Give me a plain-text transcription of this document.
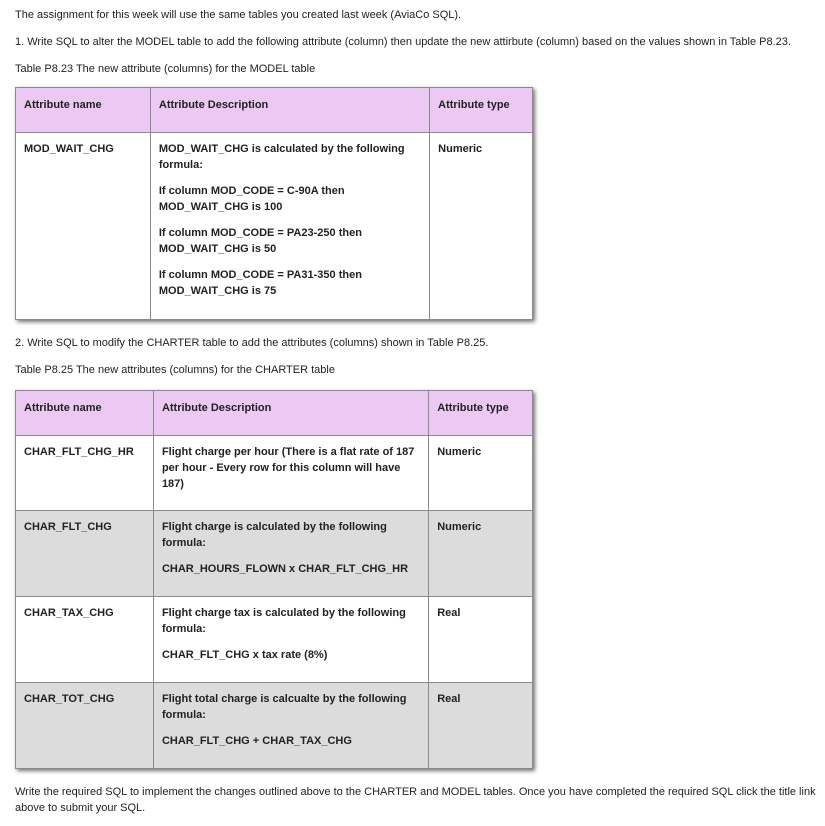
The assignment for this week will use the same tables you created last week (AviaCo SQL).

1. Write SQL to alter the MODEL table to add the following attribute (column) then update the new attirbute (column) based on the values shown in Table P8.23.

Table P8.23 The new attribute (columns) for the MODEL table

Attribute name	Attribute Description	Attribute type
MOD_WAIT_CHG	MOD_WAIT_CHG is calculated by the following formula:

If column MOD_CODE = C-90A then MOD_WAIT_CHG is 100

If column MOD_CODE = PA23-250 then MOD_WAIT_CHG is 50

If column MOD_CODE = PA31-350 then MOD_WAIT_CHG is 75	Numeric

2. Write SQL to modify the CHARTER table to add the attributes (columns) shown in Table P8.25.

Table P8.25 The new attributes (columns) for the CHARTER table

Attribute name	Attribute Description	Attribute type
CHAR_FLT_CHG_HR	Flight charge per hour (There is a flat rate of 187 per hour - Every row for this column will have 187)	Numeric
CHAR_FLT_CHG	Flight charge is calculated by the following formula:

CHAR_HOURS_FLOWN x CHAR_FLT_CHG_HR	Numeric
CHAR_TAX_CHG	Flight charge tax is calculated by the following formula:

CHAR_FLT_CHG x tax rate (8%)	Real
CHAR_TOT_CHG	Flight total charge is calcualte by the following formula:

CHAR_FLT_CHG + CHAR_TAX_CHG	Real

Write the required SQL to implement the changes outlined above to the CHARTER and MODEL tables. Once you have completed the required SQL click the title link above to submit your SQL.
